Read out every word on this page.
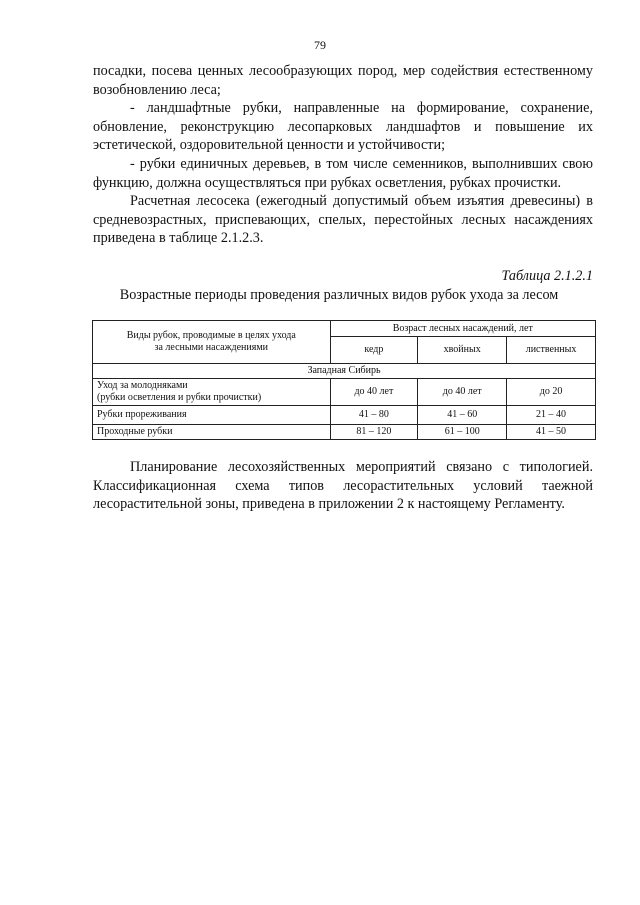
79

посадки, посева ценных лесообразующих пород, мер содействия естественному возобновлению леса;

- ландшафтные рубки, направленные на формирование, сохранение, обновление, реконструкцию лесопарковых ландшафтов и повышение их эстетической, оздоровительной ценности и устойчивости;

- рубки единичных деревьев, в том числе семенников, выполнивших свою функцию, должна осуществляться при рубках осветления, рубках прочистки.

Расчетная лесосека (ежегодный допустимый объем изъятия древесины) в средневозрастных, приспевающих, спелых, перестойных лесных насаждениях приведена в таблице 2.1.2.3.

Таблица 2.1.2.1
Возрастные периоды проведения различных видов рубок ухода за лесом
Виды рубок, проводимые в целях ухода за лесными насаждениями	Возраст лесных насаждений, лет		
	кедр	хвойных	лиственных
Западная Сибирь			

Уход за молодняками
(рубки осветления и рубки прочистки)	до 40 лет	до 40 лет	до 20
Рубки прореживания	41 – 80	41 – 60	21 – 40
Проходные рубки	81 – 120	61 – 100	41 – 50

Планирование лесохозяйственных мероприятий связано с типологией. Классификационная схема типов лесорастительных условий таежной лесорастительной зоны, приведена в приложении 2 к настоящему Регламенту.
